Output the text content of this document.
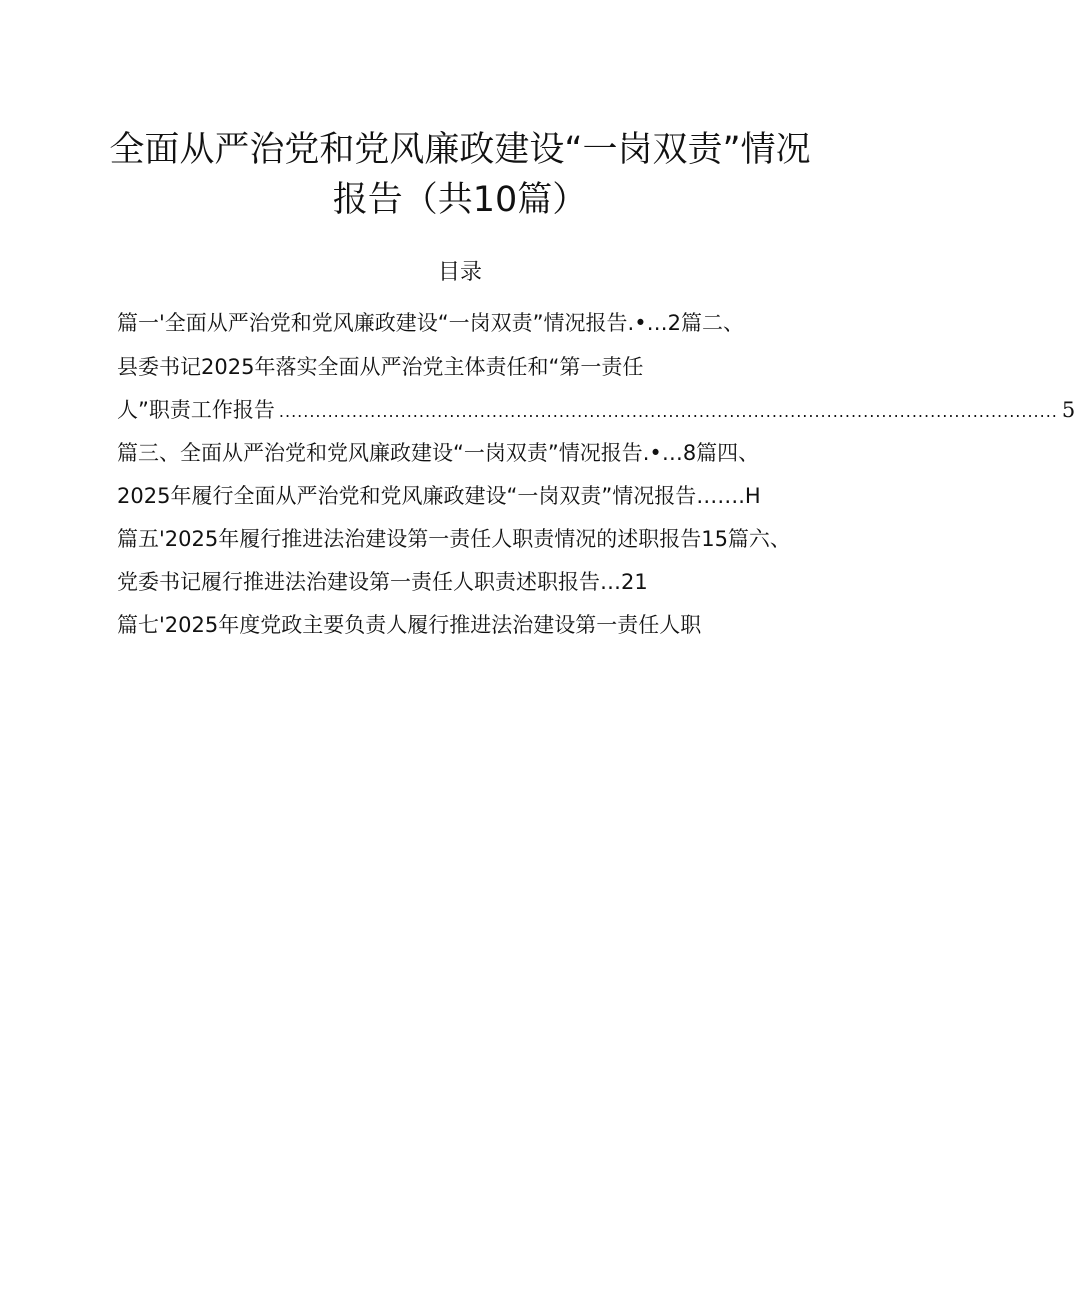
全面从严治党和党风廉政建设“一岗双责”情况
报告（共10篇）
目录
篇一'全面从严治党和党风廉政建设“一岗双责”情况报告.•…2篇二、
县委书记2025年落实全面从严治党主体责任和“第一责任
人”职责工作报告 ................................................................................................................................ 5
篇三、全面从严治党和党风廉政建设“一岗双责”情况报告.•…8篇四、
2025年履行全面从严治党和党风廉政建设“一岗双责”情况报告…….H
篇五'2025年履行推进法治建设第一责任人职责情况的述职报告15篇六、
党委书记履行推进法治建设第一责任人职责述职报告…21
篇七'2025年度党政主要负责人履行推进法治建设第一责任人职
